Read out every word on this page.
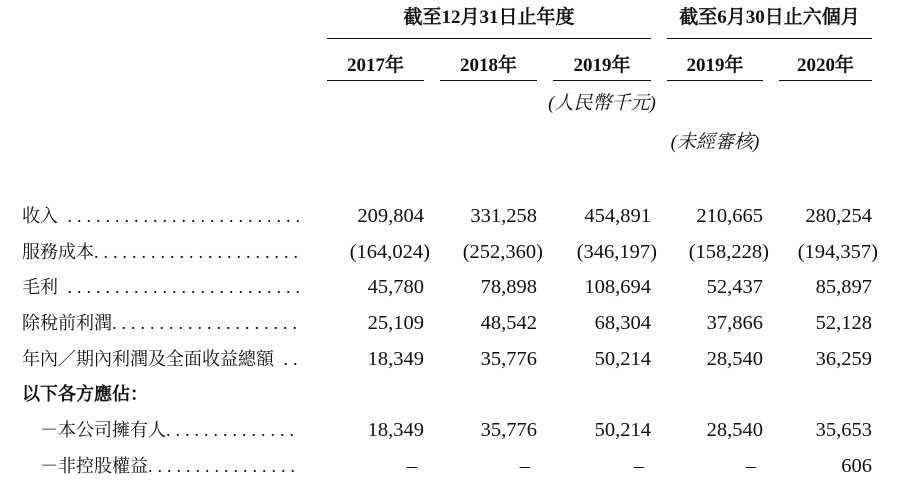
截至12月31日止年度	截至6月30日止六個月
2017年	2018年	2019年	2019年	2020年
(人民幣千元)
(未經審核)
收入 .........................	209,804	331,258	454,891	210,665	280,254
服務成本 ......................	(164,024)	(252,360)	(346,197)	(158,228)	(194,357)
毛利 .........................	45,780	78,898	108,694	52,437	85,897
除稅前利潤 ....................	25,109	48,542	68,304	37,866	52,128
年內／期內利潤及全面收益總額 ..	18,349	35,776	50,214	28,540	36,259
以下各方應佔：
－本公司擁有人 ..............	18,349	35,776	50,214	28,540	35,653
－非控股權益 ................	–	–	–	–	606
